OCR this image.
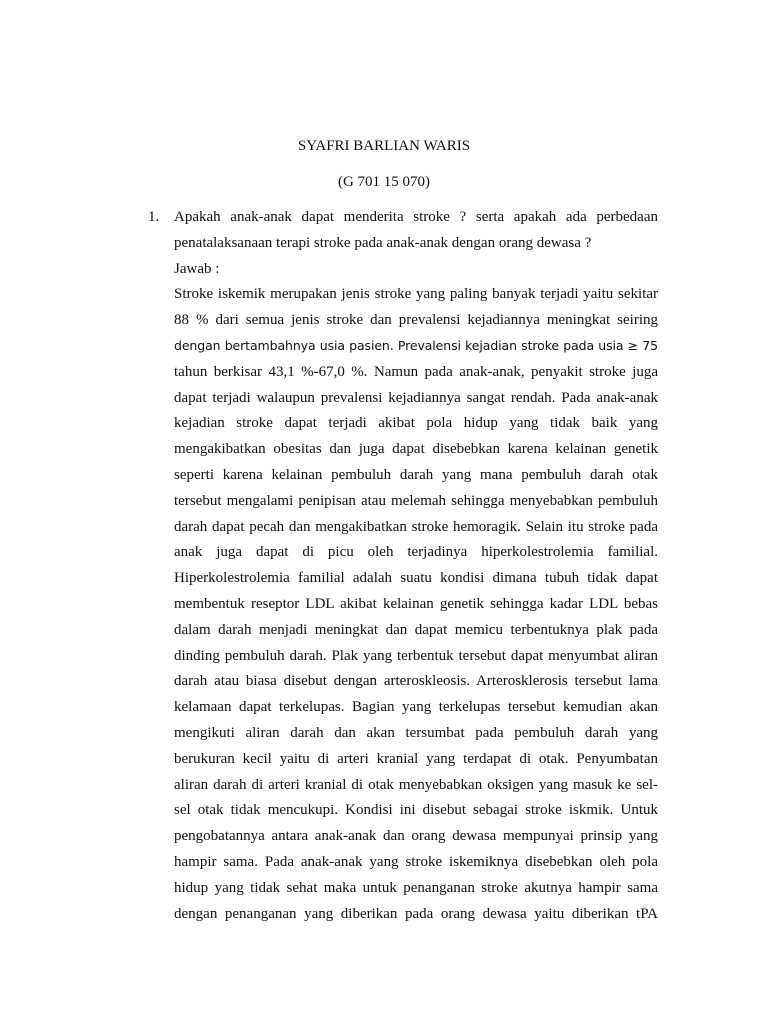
SYAFRI BARLIAN WARIS
(G 701 15 070)
1. Apakah anak-anak dapat menderita stroke ? serta apakah ada perbedaan
penatalaksanaan terapi stroke pada anak-anak dengan orang dewasa ?
Jawab :
Stroke iskemik merupakan jenis stroke yang paling banyak terjadi yaitu sekitar
88 % dari semua jenis stroke dan prevalensi kejadiannya meningkat seiring
dengan bertambahnya usia pasien. Prevalensi kejadian stroke pada usia ≥ 75
tahun berkisar 43,1 %-67,0 %. Namun pada anak-anak, penyakit stroke juga
dapat terjadi walaupun prevalensi kejadiannya sangat rendah. Pada anak-anak
kejadian stroke dapat terjadi akibat pola hidup yang tidak baik yang
mengakibatkan obesitas dan juga dapat disebebkan karena kelainan genetik
seperti karena kelainan pembuluh darah yang mana pembuluh darah otak
tersebut mengalami penipisan atau melemah sehingga menyebabkan pembuluh
darah dapat pecah dan mengakibatkan stroke hemoragik. Selain itu stroke pada
anak juga dapat di picu oleh terjadinya hiperkolestrolemia familial.
Hiperkolestrolemia familial adalah suatu kondisi dimana tubuh tidak dapat
membentuk reseptor LDL akibat kelainan genetik sehingga kadar LDL bebas
dalam darah menjadi meningkat dan dapat memicu terbentuknya plak pada
dinding pembuluh darah. Plak yang terbentuk tersebut dapat menyumbat aliran
darah atau biasa disebut dengan arteroskleosis. Arterosklerosis tersebut lama
kelamaan dapat terkelupas. Bagian yang terkelupas tersebut kemudian akan
mengikuti aliran darah dan akan tersumbat pada pembuluh darah yang
berukuran kecil yaitu di arteri kranial yang terdapat di otak. Penyumbatan
aliran darah di arteri kranial di otak menyebabkan oksigen yang masuk ke sel-
sel otak tidak mencukupi. Kondisi ini disebut sebagai stroke iskmik. Untuk
pengobatannya antara anak-anak dan orang dewasa mempunyai prinsip yang
hampir sama. Pada anak-anak yang stroke iskemiknya disebebkan oleh pola
hidup yang tidak sehat maka untuk penanganan stroke akutnya hampir sama
dengan penanganan yang diberikan pada orang dewasa yaitu diberikan tPA
